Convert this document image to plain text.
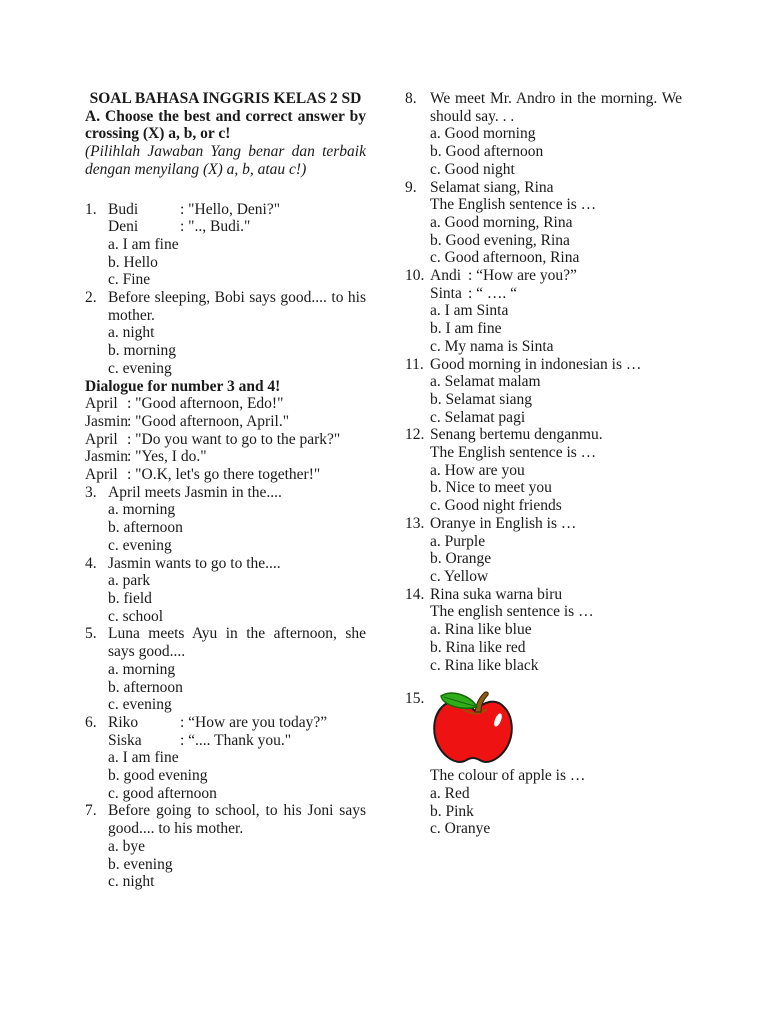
SOAL BAHASA INGGRIS KELAS 2 SD
A. Choose the best and correct answer by crossing (X) a, b, or c!
(Pilihlah Jawaban Yang benar dan terbaik dengan menyilang (X) a, b, atau c!)
1. Budi	: "Hello, Deni?"
Deni	: ".., Budi."
a. I am fine
b. Hello
c. Fine
2. Before sleeping, Bobi says good.... to his mother.
a. night
b. morning
c. evening
Dialogue for number 3 and 4!
April : "Good afternoon, Edo!"
Jasmin: "Good afternoon, April."
April : "Do you want to go to the park?"
Jasmin: "Yes, I do."
April : "O.K, let's go there together!"
3. April meets Jasmin in the....
a. morning
b. afternoon
c. evening
4. Jasmin wants to go to the....
a. park
b. field
c. school
5. Luna meets Ayu in the afternoon, she says good....
a. morning
b. afternoon
c. evening
6. Riko	: “How are you today?”
Siska : “.... Thank you."
a. I am fine
b. good evening
c. good afternoon
7. Before going to school, to his Joni says good.... to his mother.
a. bye
b. evening
c. night
8. We meet Mr. Andro in the morning. We should say. . .
a. Good morning
b. Good afternoon
c. Good night
9. Selamat siang, Rina
The English sentence is …
a. Good morning, Rina
b. Good evening, Rina
c. Good afternoon, Rina
10. Andi : “How are you?”
Sinta : “ …. “
a. I am Sinta
b. I am fine
c. My nama is Sinta
11. Good morning in indonesian is …
a. Selamat malam
b. Selamat siang
c. Selamat pagi
12. Senang bertemu denganmu.
The English sentence is …
a. How are you
b. Nice to meet you
c. Good night friends
13. Oranye in English is …
a. Purple
b. Orange
c. Yellow
14. Rina suka warna biru
The english sentence is …
a. Rina like blue
b. Rina like red
c. Rina like black
15.
The colour of apple is …
a. Red
b. Pink
c. Oranye
